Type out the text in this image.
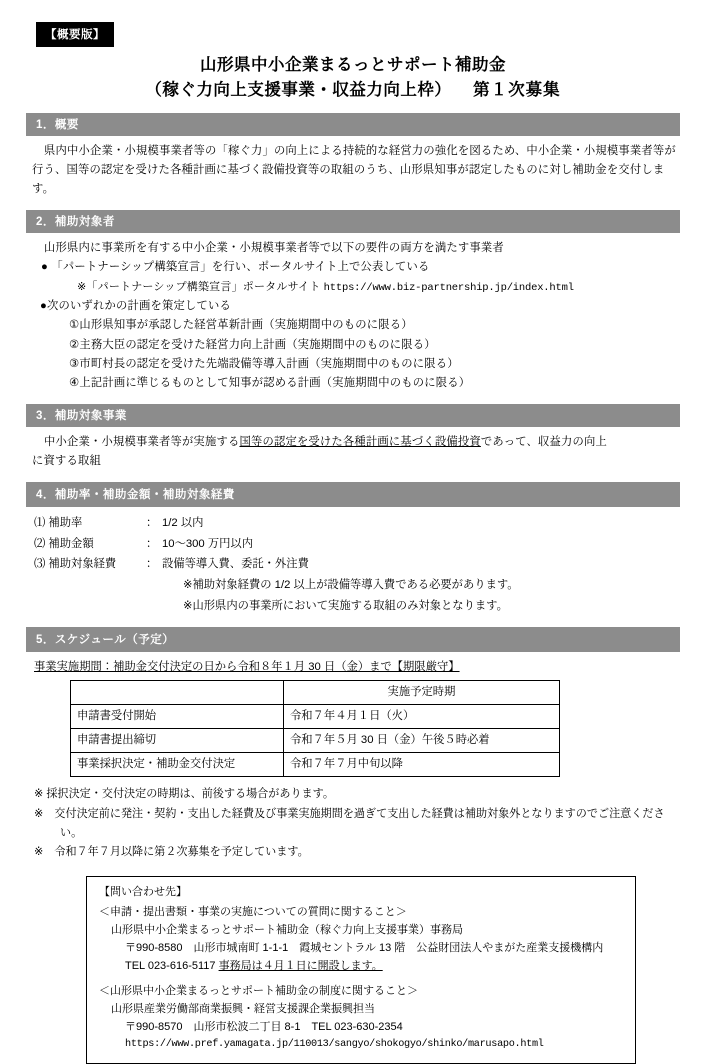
【概要版】
山形県中小企業まるっとサポート補助金
（稼ぐ力向上支援事業・収益力向上枠） 第１次募集
1．概要
県内中小企業・小規模事業者等の「稼ぐ力」の向上による持続的な経営力の強化を図るため、中小企業・小規模事業者等が行う、国等の認定を受けた各種計画に基づく設備投資等の取組のうち、山形県知事が認定したものに対し補助金を交付します。
2．補助対象者
山形県内に事業所を有する中小企業・小規模事業者等で以下の要件の両方を満たす事業者
● 「パートナーシップ構築宣言」を行い、ポータルサイト上で公表している
※「パートナーシップ構築宣言」ポータルサイト https://www.biz-partnership.jp/index.html
●次のいずれかの計画を策定している
①山形県知事が承認した経営革新計画（実施期間中のものに限る）
②主務大臣の認定を受けた経営力向上計画（実施期間中のものに限る）
③市町村長の認定を受けた先端設備等導入計画（実施期間中のものに限る）
④上記計画に準じるものとして知事が認める計画（実施期間中のものに限る）
3．補助対象事業
中小企業・小規模事業者等が実施する国等の認定を受けた各種計画に基づく設備投資であって、収益力の向上
に資する取組
4．補助率・補助金額・補助対象経費
⑴ 補助率	： 1/2 以内
⑵ 補助金額	： 10〜300 万円以内
⑶ 補助対象経費	： 設備等導入費、委託・外注費
※補助対象経費の 1/2 以上が設備等導入費である必要があります。
※山形県内の事業所において実施する取組のみ対象となります。
5．スケジュール（予定）
事業実施期間：補助金交付決定の日から令和８年１月 30 日（金）まで【期限厳守】
	実施予定時期
申請書受付開始	令和７年４月１日（火）
申請書提出締切	令和７年５月 30 日（金）午後５時必着
事業採択決定・補助金交付決定	令和７年７月中旬以降
※ 採択決定・交付決定の時期は、前後する場合があります。
※　交付決定前に発注・契約・支出した経費及び事業実施期間を過ぎて支出した経費は補助対象外となりますのでご注意ください。
※　令和７年７月以降に第２次募集を予定しています。
【問い合わせ先】
＜申請・提出書類・事業の実施についての質問に関すること＞
山形県中小企業まるっとサポート補助金（稼ぐ力向上支援事業）事務局
〒990-8580　山形市城南町 1-1-1　霞城セントラル 13 階　公益財団法人やまがた産業支援機構内
TEL 023-616-5117 事務局は４月１日に開設します。
＜山形県中小企業まるっとサポート補助金の制度に関すること＞
山形県産業労働部商業振興・経営支援課企業振興担当
〒990-8570　山形市松波二丁目 8-1　TEL 023-630-2354
https://www.pref.yamagata.jp/110013/sangyo/shokogyo/shinko/marusapo.html
